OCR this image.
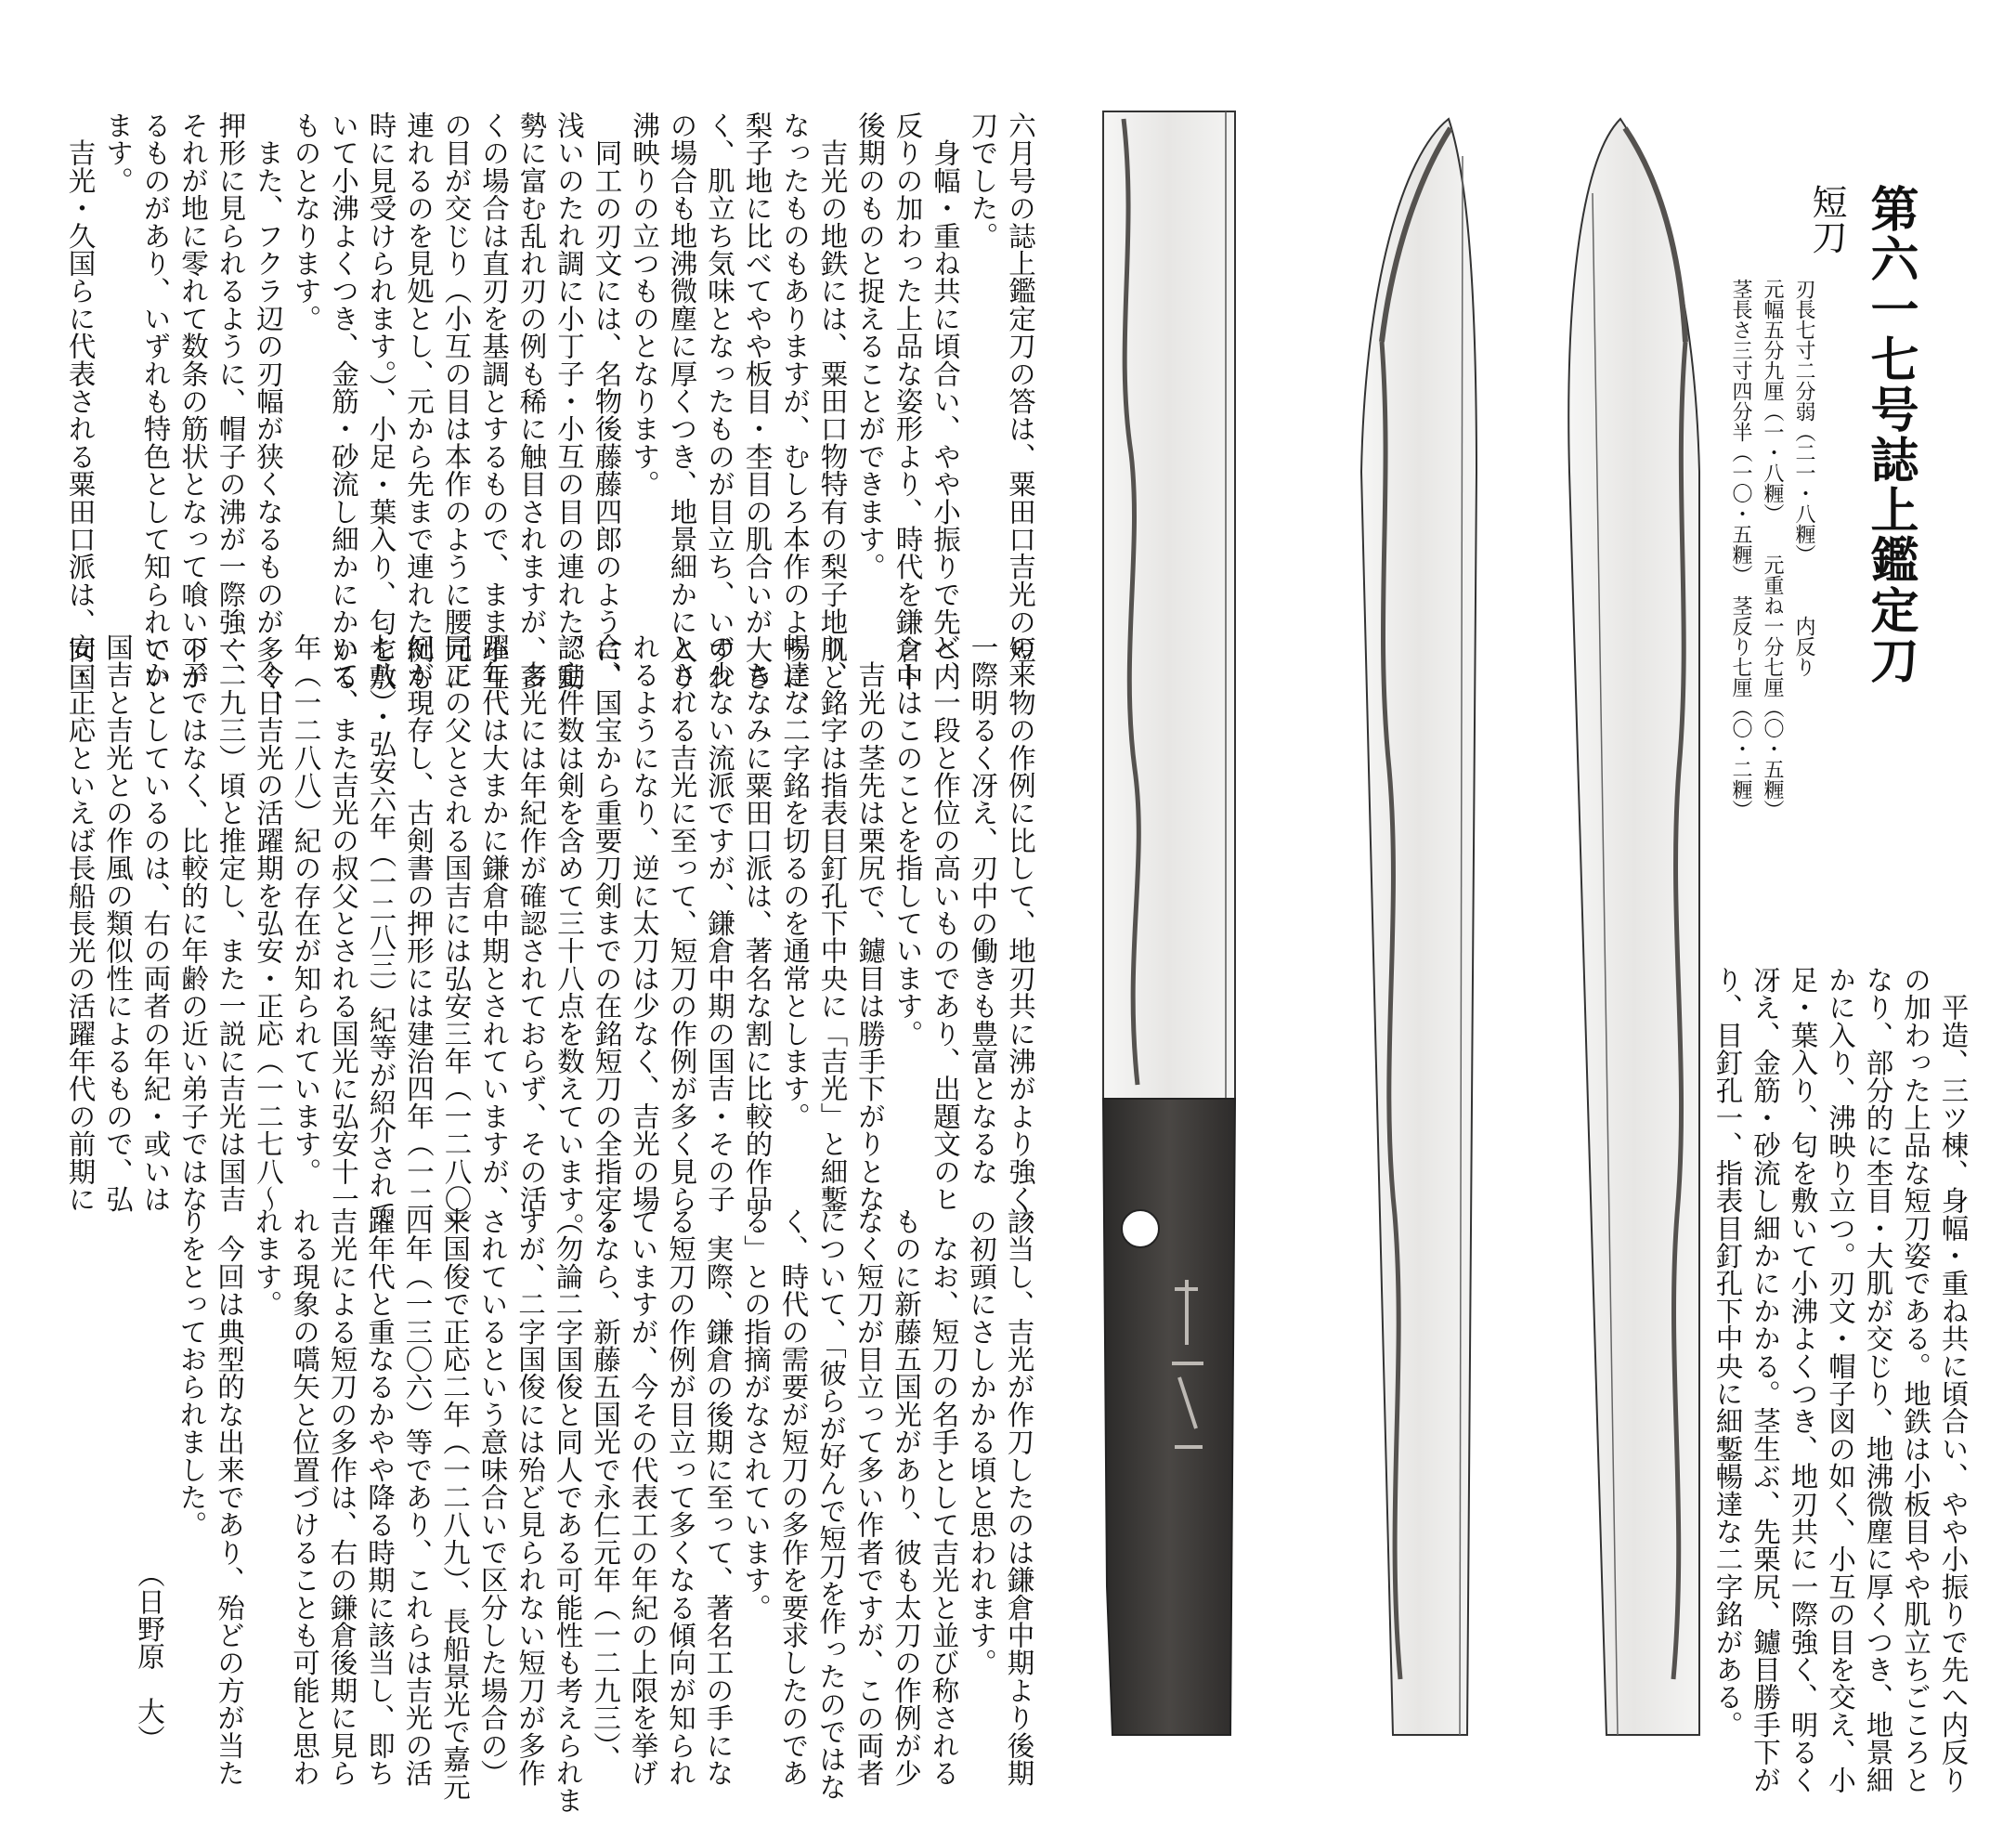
第六一七号誌上鑑定刀
短刀
刃長七寸二分弱（二一・八糎）　　　内反り
元幅五分九厘（一・八糎）　　元重ね一分七厘（〇・五糎）
茎長さ三寸四分半（一〇・五糎）　茎反り七厘（〇・二糎）
　平造、三ツ棟、身幅・重ね共に頃合い、やや小振りで先へ内反り
の加わった上品な短刀姿である。地鉄は小板目やや肌立ちごころと
なり、部分的に杢目・大肌が交じり、地沸微塵に厚くつき、地景細
かに入り、沸映り立つ。刃文・帽子図の如く、小互の目を交え、小
足・葉入り、匂を敷いて小沸よくつき、地刃共に一際強く、明るく
冴え、金筋・砂流し細かにかかる。茎生ぶ、先栗尻、鑢目勝手下が
り、目釘孔一、指表目釘孔下中央に細鏨暢達な二字銘がある。
六月号の誌上鑑定刀の答は、粟田口吉光の短
刀でした。
　身幅・重ね共に頃合い、やや小振りで先へ内
反りの加わった上品な姿形より、時代を鎌倉中
後期のものと捉えることができます。
　吉光の地鉄には、粟田口物特有の梨子地肌と
なったものもありますが、むしろ本作のように、
梨子地に比べてやや板目・杢目の肌合いが大き
く、肌立ち気味となったものが目立ち、いずれ
の場合も地沸微塵に厚くつき、地景細かに入り、
沸映りの立つものとなります。
　同工の刃文には、名物後藤藤四郎のように、
浅いのたれ調に小丁子・小互の目の連れた、動
勢に富む乱れ刃の例も稀に触目されますが、多
くの場合は直刃を基調とするもので、まま小互
の目が交じり（小互の目は本作のように腰元に
連れるのを見処とし、元から先まで連れた例も
時に見受けられます。）、小足・葉入り、匂を敷
いて小沸よくつき、金筋・砂流し細かにかかる
ものとなります。
　また、フクラ辺の刃幅が狭くなるものが多く、
押形に見られるように、帽子の沸が一際強く、
それが地に零れて数条の筋状となって喰い下が
るものがあり、いずれも特色として知られてい
ます。
　吉光・久国らに代表される粟田口派は、同国
の来物の作例に比して、地刃共に沸がより強く、
一際明るく冴え、刃中の働きも豊富となるな
ど、一段と作位の高いものであり、出題文のヒ
ントはこのことを指しています。
　吉光の茎先は栗尻で、鑢目は勝手下がりとな
り、銘字は指表目釘孔下中央に「吉光」と細鏨
暢達な二字銘を切るのを通常とします。
　ちなみに粟田口派は、著名な割に比較的作品
の少ない流派ですが、鎌倉中期の国吉・その子
とされる吉光に至って、短刀の作例が多く見ら
れるようになり、逆に太刀は少なく、吉光の場
合、国宝から重要刀剣までの在銘短刀の全指定・
認定件数は剣を含めて三十八点を数えています。
　吉光には年紀作が確認されておらず、その活
躍年代は大まかに鎌倉中期とされていますが、
同工の父とされる国吉には弘安三年（一二八〇）
紀が現存し、古剣書の押形には建治四年（一二
七八）・弘安六年（一二八三）紀等が紹介されて
いて、また吉光の叔父とされる国光に弘安十一
年（一二八八）紀の存在が知られています。
　今日吉光の活躍期を弘安・正応（一二七八〜
一二九三）頃と推定し、また一説に吉光は国吉
の子ではなく、比較的に年齢の近い弟子ではな
いかとしているのは、右の両者の年紀・或いは
国吉と吉光との作風の類似性によるもので、弘
安・正応といえば長船長光の活躍年代の前期に
該当し、吉光が作刀したのは鎌倉中期より後期
の初頭にさしかかる頃と思われます。
　なお、短刀の名手として吉光と並び称される
ものに新藤五国光があり、彼も太刀の作例が少
なく短刀が目立って多い作者ですが、この両者
について、「彼らが好んで短刀を作ったのではな
く、時代の需要が短刀の多作を要求したのであ
る」との指摘がなされています。
　実際、鎌倉の後期に至って、著名工の手にな
る短刀の作例が目立って多くなる傾向が知られ
ていますが、今その代表工の年紀の上限を挙げ
るなら、新藤五国光で永仁元年（一二九三）、
（勿論二字国俊と同人である可能性も考えられま
すが、二字国俊には殆ど見られない短刀が多作
されているという意味合いで区分した場合の）
来国俊で正応二年（一二八九）、長船景光で嘉元
四年（一三〇六）等であり、これらは吉光の活
躍年代と重なるかやや降る時期に該当し、即ち
吉光による短刀の多作は、右の鎌倉後期に見ら
れる現象の嚆矢と位置づけることも可能と思わ
れます。
　今回は典型的な出来であり、殆どの方が当た
りをとっておられました。
（日野原　大）
